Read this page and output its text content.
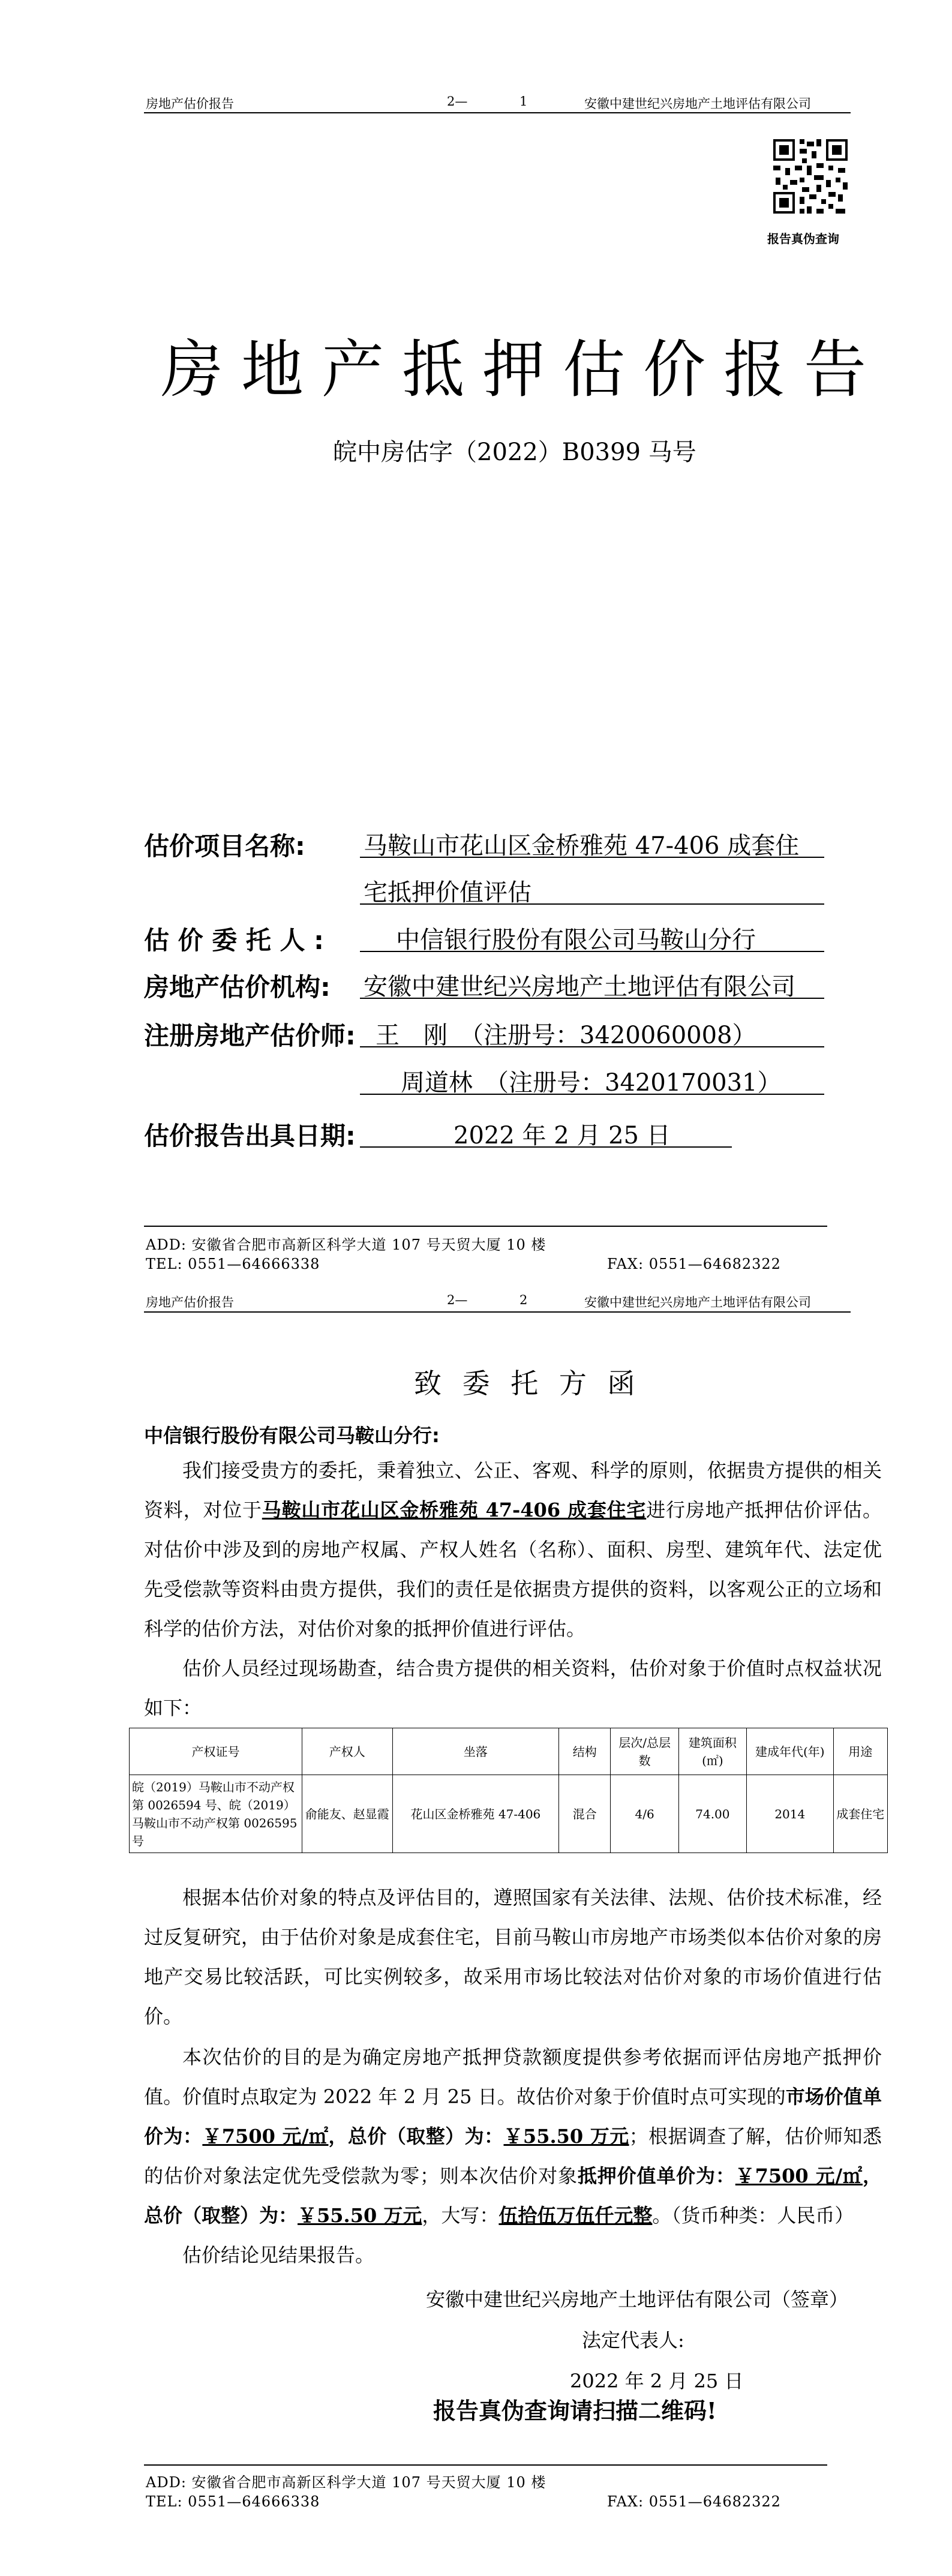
房地产估价报告	2—	1	安徽中建世纪兴房地产土地评估有限公司
报告真伪查询
房地产抵押估价报告
皖中房估字（2022）B0399 马号
估价项目名称: 马鞍山市花山区金桥雅苑 47-406 成套住
宅抵押价值评估
估 价 委 托 人 :	中信银行股份有限公司马鞍山分行
房地产估价机构: 安徽中建世纪兴房地产土地评估有限公司
注册房地产估价师: 王　刚　（注册号：3420060008）
周道林　（注册号：3420170031）
估价报告出具日期:	2022 年 2 月 25 日
ADD: 安徽省合肥市高新区科学大道 107 号天贸大厦 10 楼
TEL: 0551—64666338	FAX: 0551—64682322
房地产估价报告	2—	2	安徽中建世纪兴房地产土地评估有限公司
致 委 托 方 函
中信银行股份有限公司马鞍山分行:
我们接受贵方的委托，秉着独立、公正、客观、科学的原则，依据贵方提供的相关资料，对位于马鞍山市花山区金桥雅苑 47-406 成套住宅进行房地产抵押估价评估。对估价中涉及到的房地产权属、产权人姓名（名称）、面积、房型、建筑年代、法定优先受偿款等资料由贵方提供，我们的责任是依据贵方提供的资料，以客观公正的立场和科学的估价方法，对估价对象的抵押价值进行评估。
估价人员经过现场勘查，结合贵方提供的相关资料，估价对象于价值时点权益状况如下：
产权证号	产权人	坐落	结构	层次/总层数	建筑面积(㎡)	建成年代(年)	用途
皖（2019）马鞍山市不动产权第 0026594 号、皖（2019）马鞍山市不动产权第 0026595 号	俞能友、赵显霞	花山区金桥雅苑 47-406	混合	4/6	74.00	2014	成套住宅
根据本估价对象的特点及评估目的，遵照国家有关法律、法规、估价技术标准，经过反复研究，由于估价对象是成套住宅，目前马鞍山市房地产市场类似本估价对象的房地产交易比较活跃，可比实例较多，故采用市场比较法对估价对象的市场价值进行估价。
本次估价的目的是为确定房地产抵押贷款额度提供参考依据而评估房地产抵押价值。价值时点取定为 2022 年 2 月 25 日。故估价对象于价值时点可实现的市场价值单价为：￥7500 元/㎡，总价（取整）为：￥55.50 万元；根据调查了解，估价师知悉的估价对象法定优先受偿款为零；则本次估价对象抵押价值单价为：￥7500 元/㎡，总价（取整）为：￥55.50 万元，大写：伍拾伍万伍仟元整。（货币种类：人民币）
估价结论见结果报告。
安徽中建世纪兴房地产土地评估有限公司（签章）
法定代表人:
2022 年 2 月 25 日
报告真伪查询请扫描二维码!
ADD: 安徽省合肥市高新区科学大道 107 号天贸大厦 10 楼
TEL: 0551—64666338	FAX: 0551—64682322
